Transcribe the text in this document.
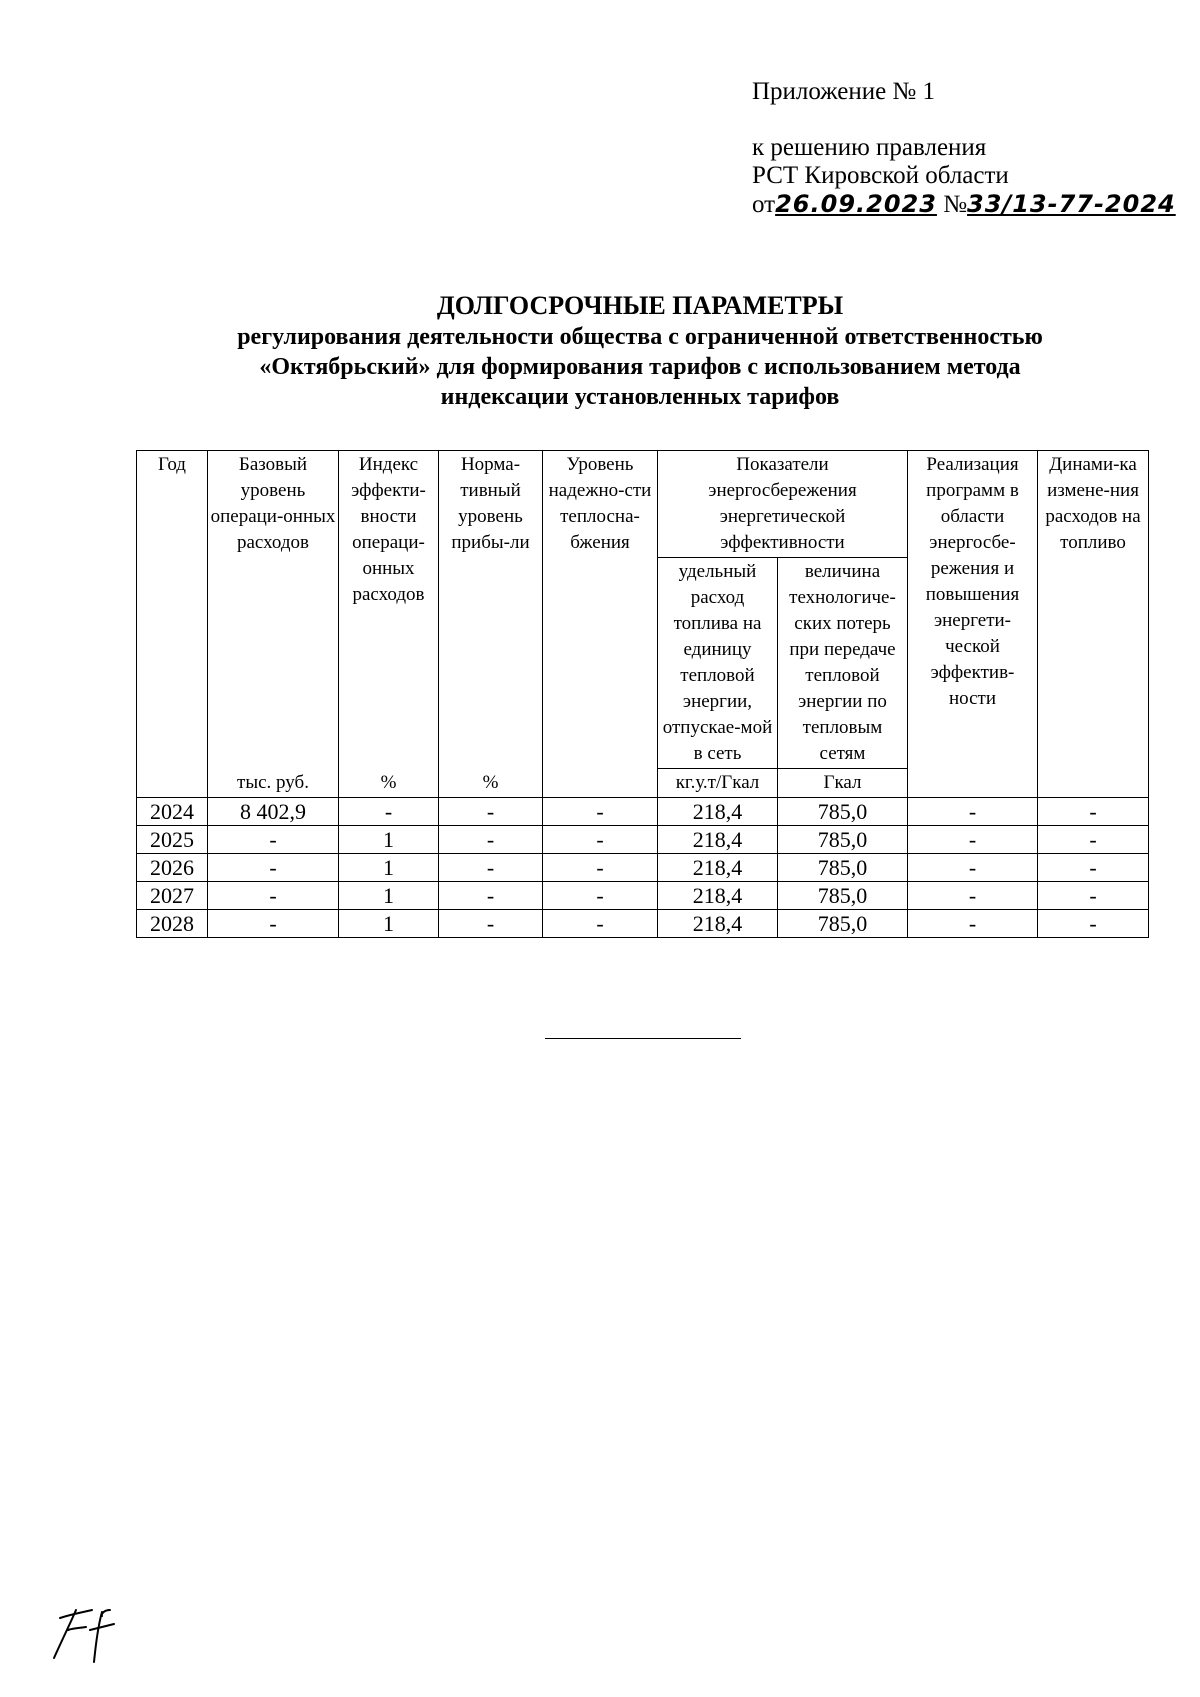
Приложение № 1
к решению правления
РСТ Кировской области
от26.09.2023 №33/13-77-2024
ДОЛГОСРОЧНЫЕ ПАРАМЕТРЫ
регулирования деятельности общества с ограниченной ответственностью
«Октябрьский» для формирования тарифов с использованием метода
индексации установленных тарифов
Год	Базовый уровень операци-онных расходов	Индекс эффекти-вности операци-онных расходов	Норма-тивный уровень прибы-ли	Уровень надежно-сти теплосна-бжения	Показатели энергосбережения энергетической эффективности		Реализация программ в области энергосбе-режения и повышения энергети-ческой эффектив-ности	Динами-ка измене-ния расходов на топливо
					удельный расход топлива на единицу тепловой энергии, отпускае-мой в сеть	величина технологиче-ских потерь при передаче тепловой энергии по тепловым сетям		
	тыс. руб.	%	%		кг.у.т/Гкал	Гкал		
2024	8 402,9	-	-	-	218,4	785,0	-	-
2025	-	1	-	-	218,4	785,0	-	-
2026	-	1	-	-	218,4	785,0	-	-
2027	-	1	-	-	218,4	785,0	-	-
2028	-	1	-	-	218,4	785,0	-	-
